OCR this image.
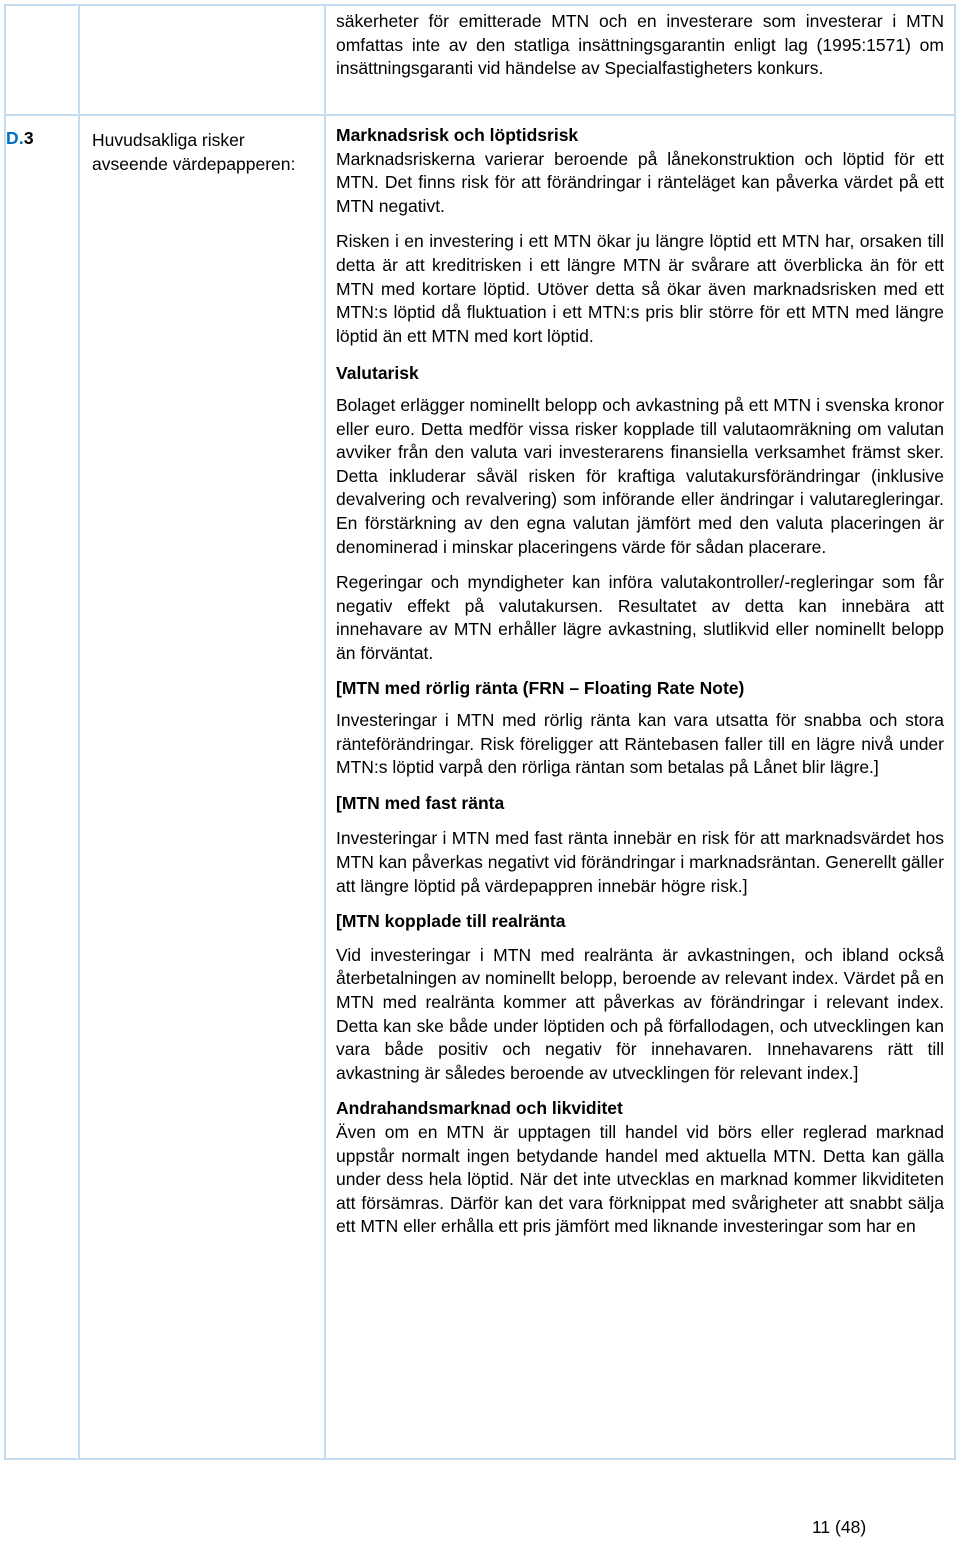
säkerheter för emitterade MTN och en investerare som investerar i MTN omfattas inte av den statliga insättningsgarantin enligt lag (1995:1571) om insättningsgaranti vid händelse av Specialfastigheters konkurs.

D.3	Huvudsakliga risker avseende värdepapperen:
Marknadsrisk och löptidsrisk

Marknadsriskerna varierar beroende på lånekonstruktion och löptid för ett MTN. Det finns risk för att förändringar i ränteläget kan påverka värdet på ett MTN negativt.

Risken i en investering i ett MTN ökar ju längre löptid ett MTN har, orsaken till detta är att kreditrisken i ett längre MTN är svårare att överblicka än för ett MTN med kortare löptid. Utöver detta så ökar även marknadsrisken med ett MTN:s löptid då fluktuation i ett MTN:s pris blir större för ett MTN med längre löptid än ett MTN med kort löptid.

Valutarisk

Bolaget erlägger nominellt belopp och avkastning på ett MTN i svenska kronor eller euro. Detta medför vissa risker kopplade till valutaomräkning om valutan avviker från den valuta vari investerarens finansiella verksamhet främst sker. Detta inkluderar såväl risken för kraftiga valutakursförändringar (inklusive devalvering och revalvering) som införande eller ändringar i valutaregleringar. En förstärkning av den egna valutan jämfört med den valuta placeringen är denominerad i minskar placeringens värde för sådan placerare.

Regeringar och myndigheter kan införa valutakontroller/-regleringar som får negativ effekt på valutakursen. Resultatet av detta kan innebära att innehavare av MTN erhåller lägre avkastning, slutlikvid eller nominellt belopp än förväntat.

[MTN med rörlig ränta (FRN – Floating Rate Note)

Investeringar i MTN med rörlig ränta kan vara utsatta för snabba och stora ränteförändringar. Risk föreligger att Räntebasen faller till en lägre nivå under MTN:s löptid varpå den rörliga räntan som betalas på Lånet blir lägre.]

[MTN med fast ränta

Investeringar i MTN med fast ränta innebär en risk för att marknadsvärdet hos MTN kan påverkas negativt vid förändringar i marknadsräntan. Generellt gäller att längre löptid på värdepappren innebär högre risk.]

[MTN kopplade till realränta

Vid investeringar i MTN med realränta är avkastningen, och ibland också återbetalningen av nominellt belopp, beroende av relevant index. Värdet på en MTN med realränta kommer att påverkas av förändringar i relevant index. Detta kan ske både under löptiden och på förfallodagen, och utvecklingen kan vara både positiv och negativ för innehavaren. Innehavarens rätt till avkastning är således beroende av utvecklingen för relevant index.]

Andrahandsmarknad och likviditet

Även om en MTN är upptagen till handel vid börs eller reglerad marknad uppstår normalt ingen betydande handel med aktuella MTN. Detta kan gälla under dess hela löptid. När det inte utvecklas en marknad kommer likviditeten att försämras. Därför kan det vara förknippat med svårigheter att snabbt sälja ett MTN eller erhålla ett pris jämfört med liknande investeringar som har en

11 (48)
